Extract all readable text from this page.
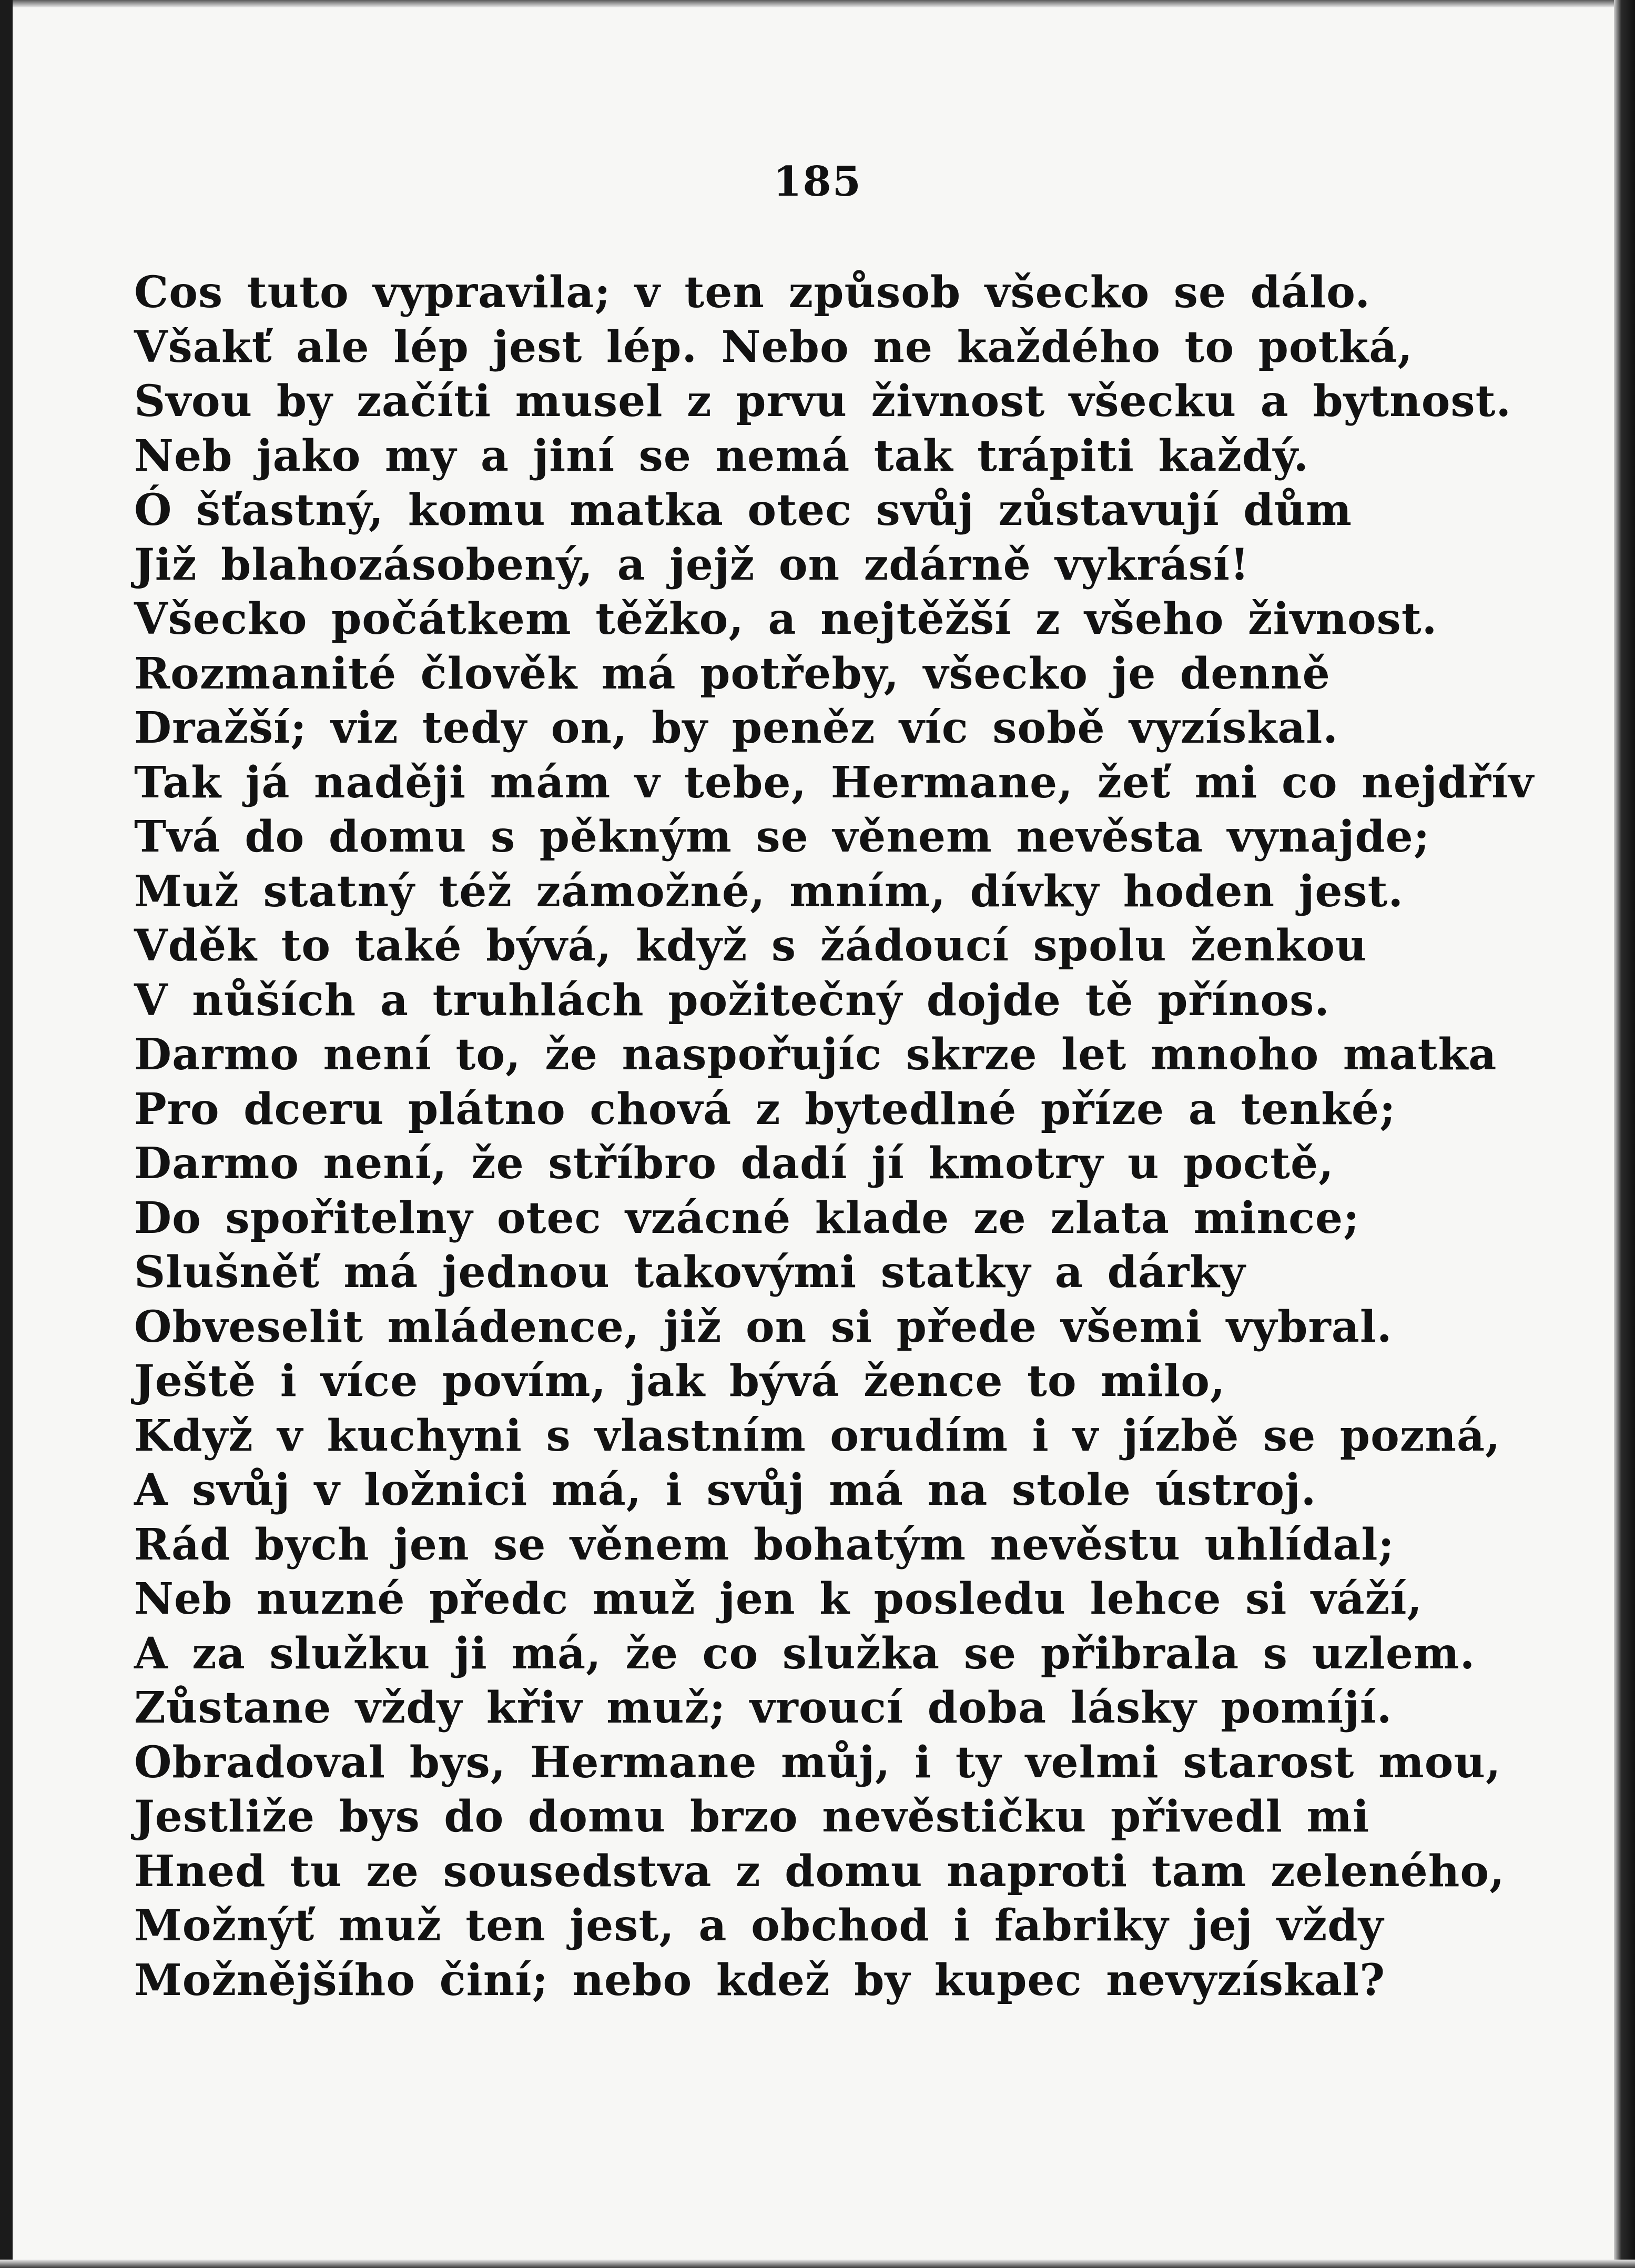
185
Cos tuto vypravila; v ten způsob všecko se dálo.
Všakť ale lép jest lép. Nebo ne každého to potká,
Svou by začíti musel z prvu živnost všecku a bytnost.
Neb jako my a jiní se nemá tak trápiti každý.
Ó šťastný, komu matka otec svůj zůstavují dům
Již blahozásobený, a jejž on zdárně vykrásí!
Všecko počátkem těžko, a nejtěžší z všeho živnost.
Rozmanité člověk má potřeby, všecko je denně
Dražší; viz tedy on, by peněz víc sobě vyzískal.
Tak já naději mám v tebe, Hermane, žeť mi co nejdřív
Tvá do domu s pěkným se věnem nevěsta vynajde;
Muž statný též zámožné, mním, dívky hoden jest.
Vděk to také bývá, když s žádoucí spolu ženkou
V nůších a truhlách požitečný dojde tě přínos.
Darmo není to, že naspořujíc skrze let mnoho matka
Pro dceru plátno chová z bytedlné příze a tenké;
Darmo není, že stříbro dadí jí kmotry u poctě,
Do spořitelny otec vzácné klade ze zlata mince;
Slušněť má jednou takovými statky a dárky
Obveselit mládence, již on si přede všemi vybral.
Ještě i více povím, jak bývá žence to milo,
Když v kuchyni s vlastním orudím i v jízbě se pozná,
A svůj v ložnici má, i svůj má na stole ústroj.
Rád bych jen se věnem bohatým nevěstu uhlídal;
Neb nuzné předc muž jen k posledu lehce si váží,
A za služku ji má, že co služka se přibrala s uzlem.
Zůstane vždy křiv muž; vroucí doba lásky pomíjí.
Obradoval bys, Hermane můj, i ty velmi starost mou,
Jestliže bys do domu brzo nevěstičku přivedl mi
Hned tu ze sousedstva z domu naproti tam zeleného,
Možnýť muž ten jest, a obchod i fabriky jej vždy
Možnějšího činí; nebo kdež by kupec nevyzískal?
